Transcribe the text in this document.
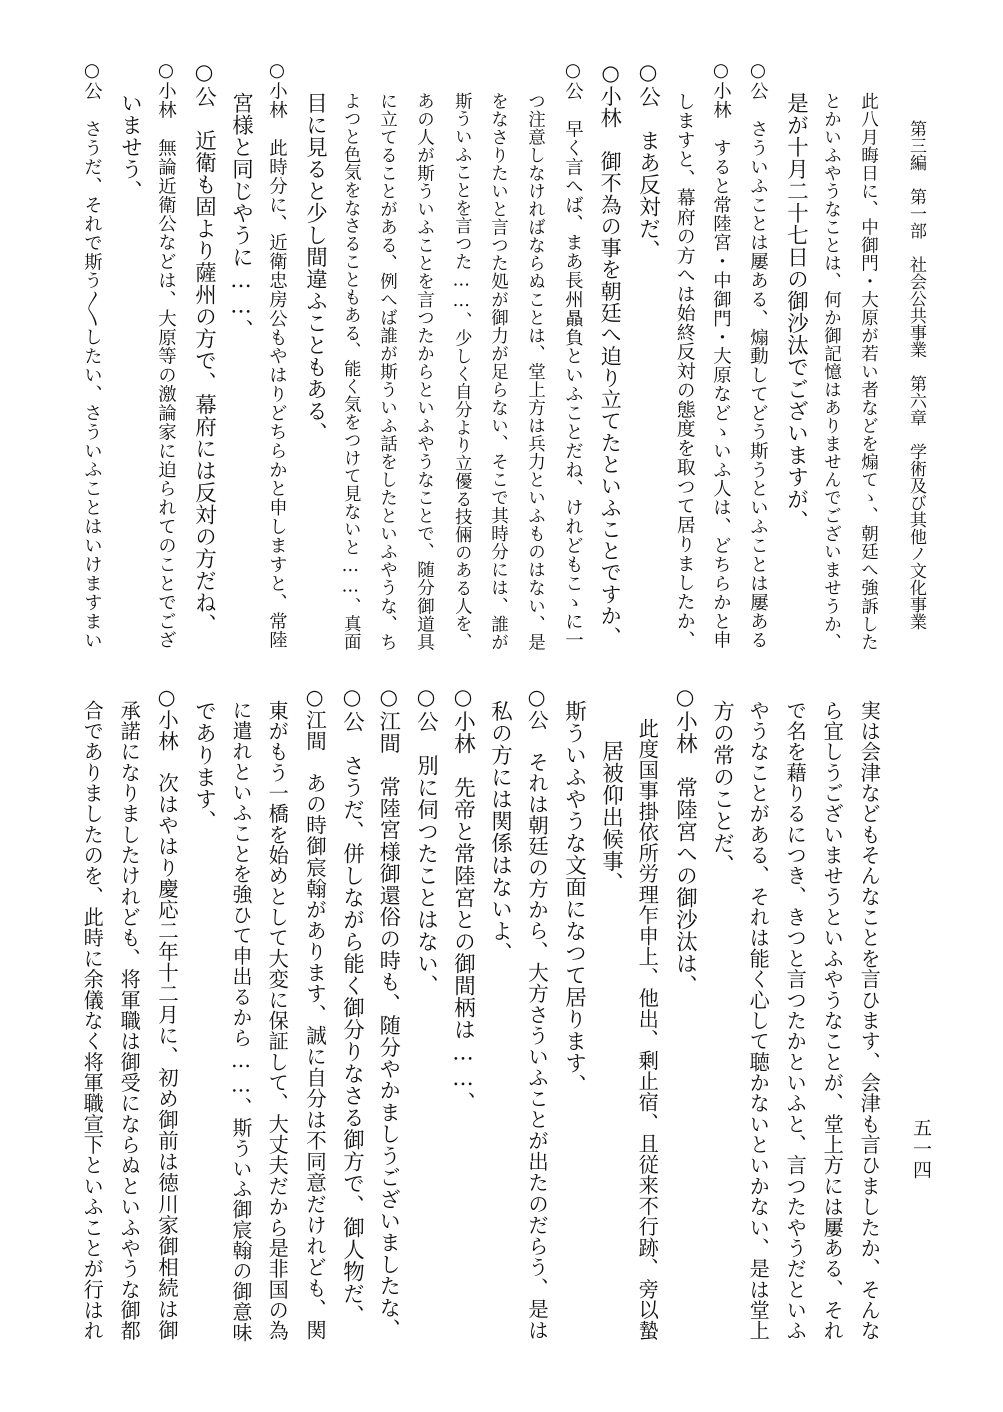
第三編　第一部　社会公共事業　第六章　学術及び其他ノ文化事業
五一四
此八月晦日に、中御門・大原が若い者などを煽てゝ、朝廷へ強訴した
とかいふやうなことは、何か御記憶はありませんでございませうか、
是が十月二十七日の御沙汰でございますが、
○公　さういふことは屢ある、煽動してどう斯うといふことは屢ある
○小林　すると常陸宮・中御門・大原などゝいふ人は、どちらかと申
しますと、幕府の方へは始終反対の態度を取つて居りましたか、
○公　まあ反対だ、
○小林　御不為の事を朝廷へ迫り立てたといふことですか、
○公　早く言へば、まあ長州贔負といふことだね、けれどもこゝに一
つ注意しなければならぬことは、堂上方は兵力といふものはない、是
をなさりたいと言つた処が御力が足らない、そこで其時分には、誰が
斯ういふことを言つた……、少しく自分より立優る技倆のある人を、
あの人が斯ういふことを言つたからといふやうなことで、随分御道具
に立てることがある、例へば誰が斯ういふ話をしたといふやうな、ち
よつと色気をなさることもある、能く気をつけて見ないと……、真面
目に見ると少し間違ふこともある、
○小林　此時分に、近衛忠房公もやはりどちらかと申しますと、常陸
宮様と同じやうに……、
○公　近衛も固より薩州の方で、幕府には反対の方だね、
○小林　無論近衛公などは、大原等の激論家に迫られてのことでござ
いませう、
○公　さうだ、それで斯う〳〵したい、さういふことはいけますまい
実は会津などもそんなことを言ひます、会津も言ひましたか、そんな
ら宜しうございませうといふやうなことが、堂上方には屢ある、それ
で名を藉りるにつき、きつと言つたかといふと、言つたやうだといふ
やうなことがある、それは能く心して聴かないといかない、是は堂上
方の常のことだ、
○小林　常陸宮への御沙汰は、
此度国事掛依所労理乍申上、他出、剰止宿、且従来不行跡、旁以蟄
居被仰出候事、
斯ういふやうな文面になつて居ります、
○公　それは朝廷の方から、大方さういふことが出たのだらう、是は
私の方には関係はないよ、
○小林　先帝と常陸宮との御間柄は……、
○公　別に伺つたことはない、
○江間　常陸宮様御還俗の時も、随分やかましうございましたな、
○公　さうだ、併しながら能く御分りなさる御方で、御人物だ、
○江間　あの時御宸翰があります、誠に自分は不同意だけれども、関
東がもう一橋を始めとして大変に保証して、大丈夫だから是非国の為
に遣れといふことを強ひて申出るから……、斯ういふ御宸翰の御意味
であります、
○小林　次はやはり慶応二年十二月に、初め御前は徳川家御相続は御
承諾になりましたけれども、将軍職は御受にならぬといふやうな御都
合でありましたのを、此時に余儀なく将軍職宣下といふことが行はれ
